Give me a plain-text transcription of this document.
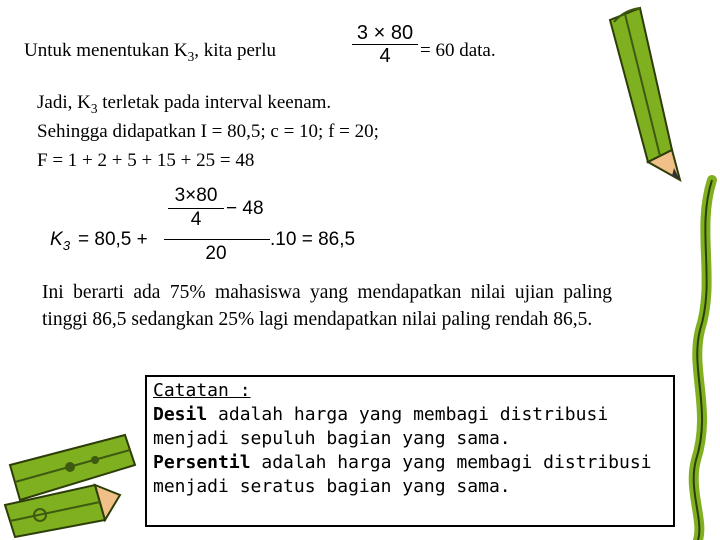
Untuk menentukan $K_3$, kita perlu	$\frac{3 \times 80}{4} = 60$ data.
Jadi, $K_3$ terletak pada interval keenam.
Sehingga didapatkan I = 80,5; c = 10; f = 20;
F = 1 + 2 + 5 + 15 + 25 = 48
$K_3 = 80,5$ +
3×80
4
− 48
20
.10 = 86,5
Ini berarti ada 75% mahasiswa yang mendapatkan nilai ujian paling tinggi 86,5 sedangkan 25% lagi mendapatkan nilai paling rendah 86,5.
Catatan :
Desil adalah harga yang membagi distribusi menjadi sepuluh bagian yang sama.
Persentil adalah harga yang membagi distribusi menjadi seratus bagian yang sama.
